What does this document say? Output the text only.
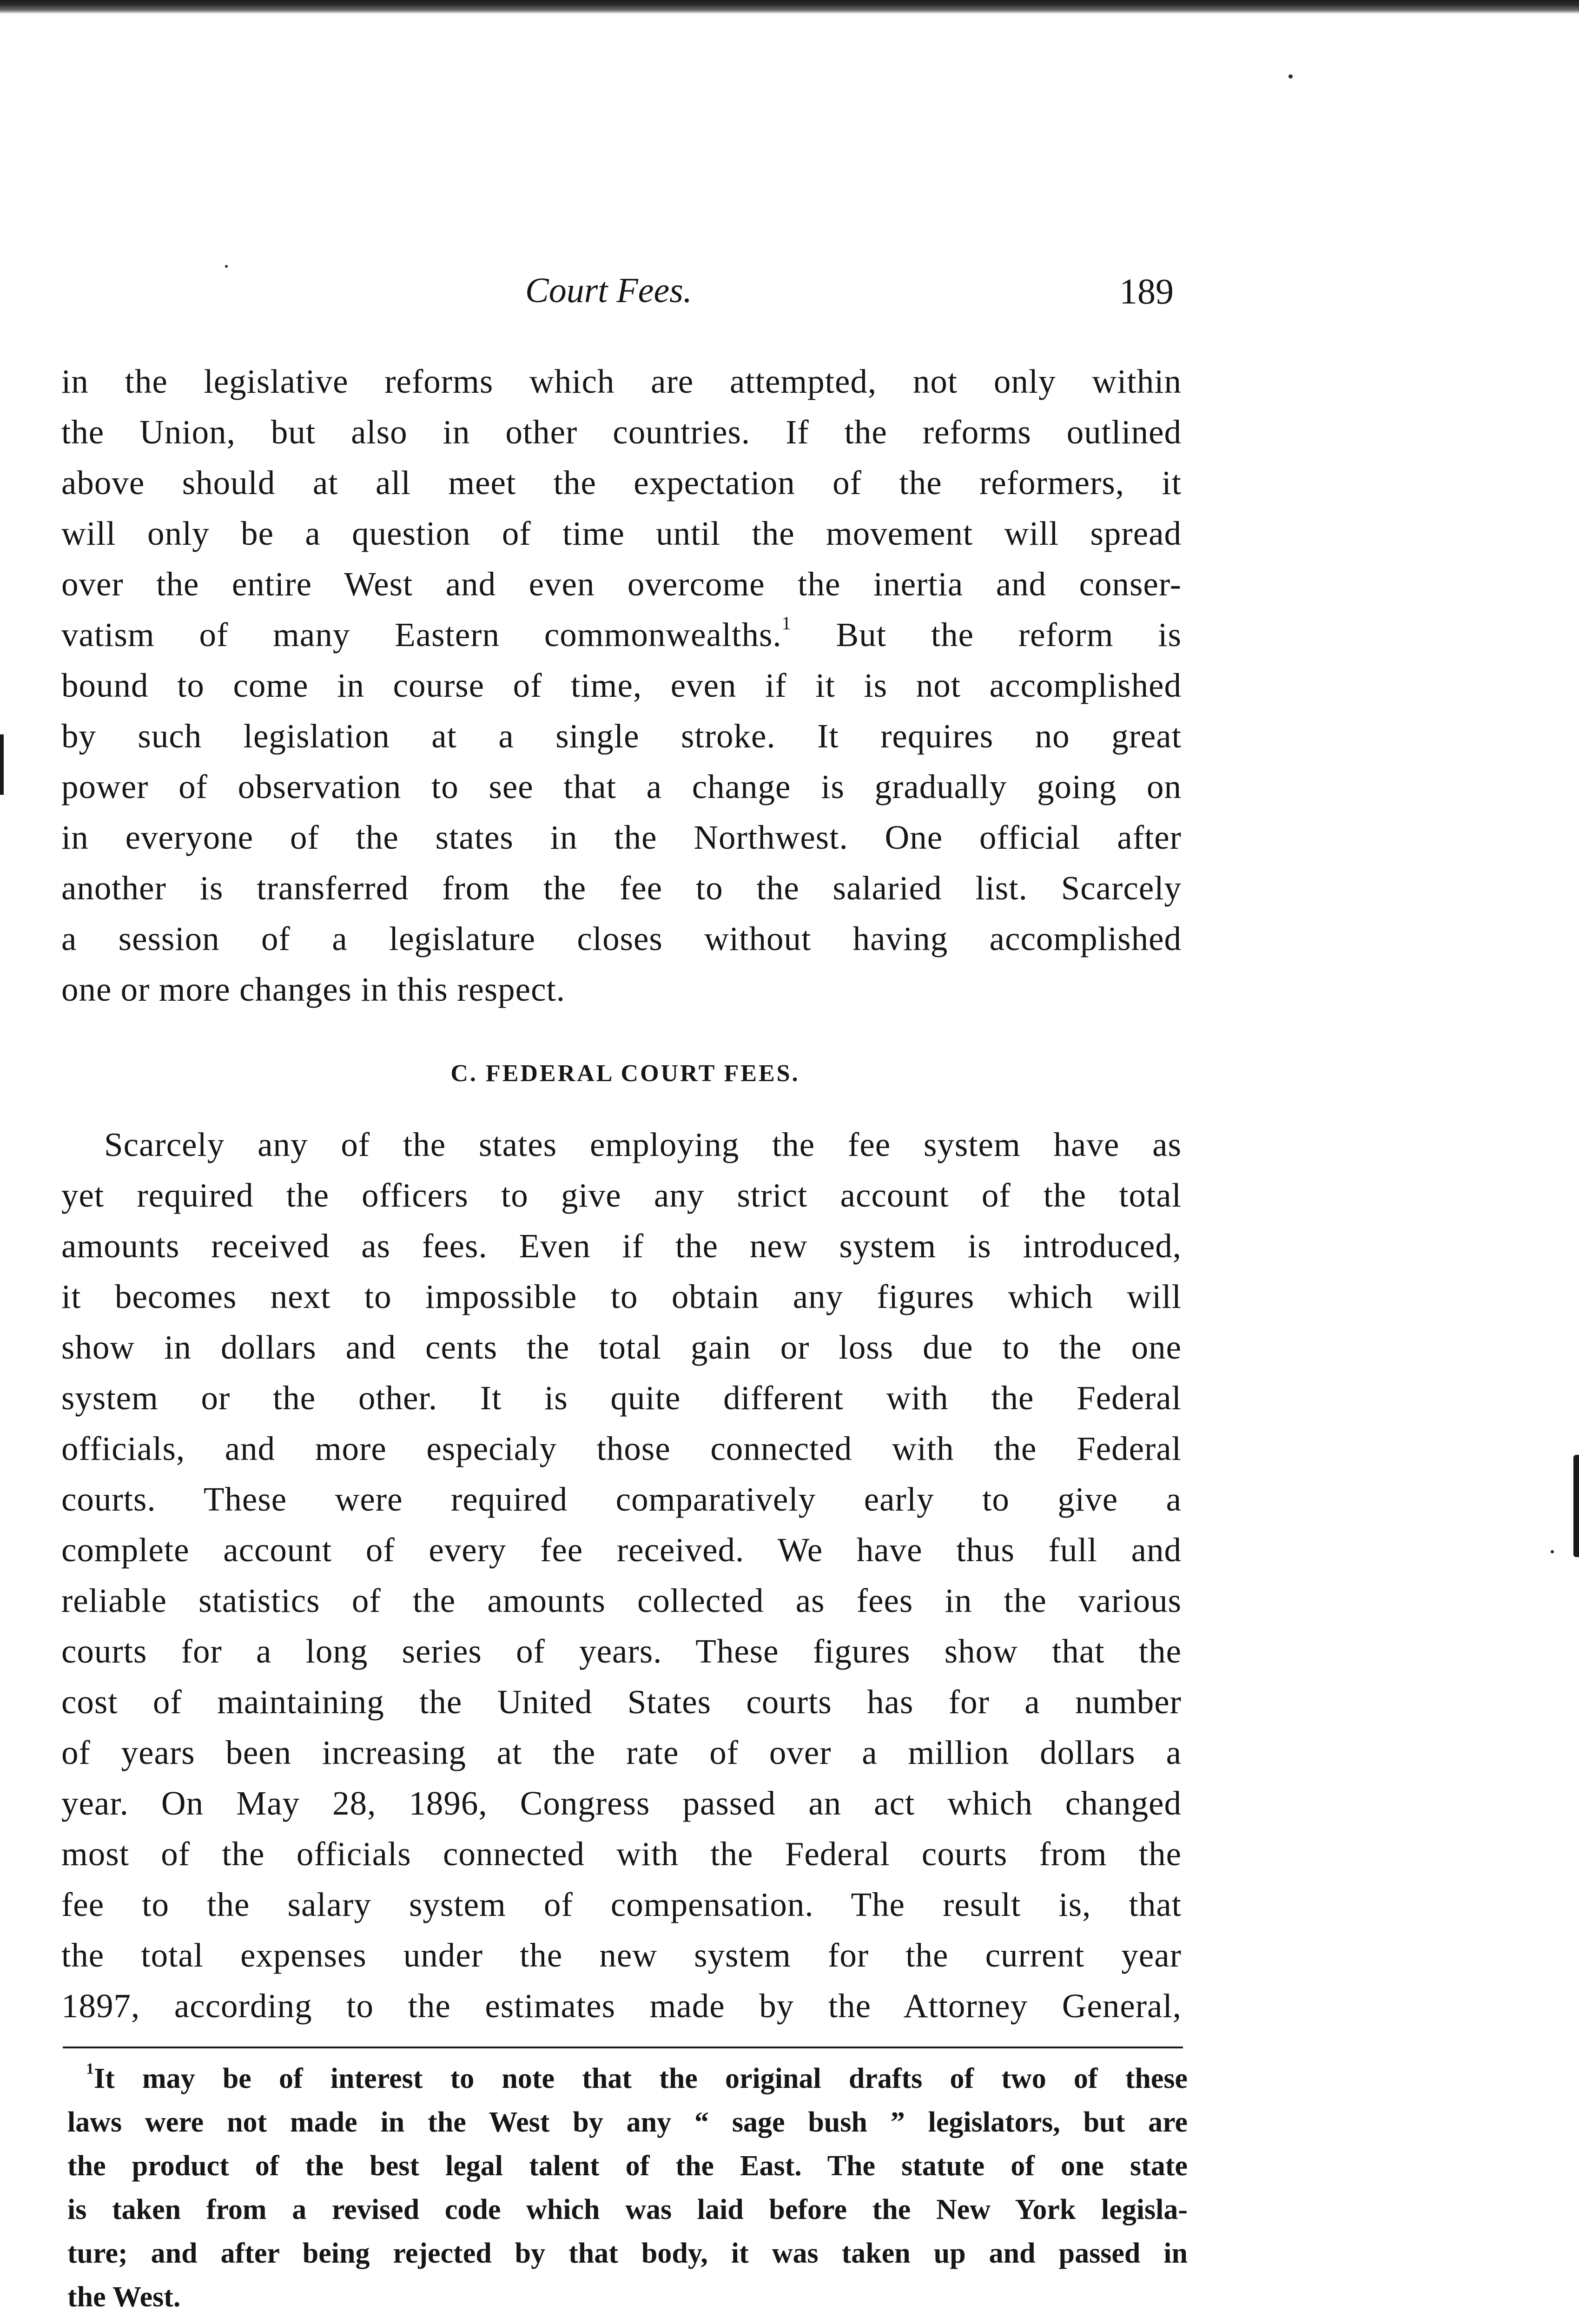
Court Fees.	189
in the legislative reforms which are attempted, not only within
the Union, but also in other countries. If the reforms outlined
above should at all meet the expectation of the reformers, it
will only be a question of time until the movement will spread
over the entire West and even overcome the inertia and conser-
vatism of many Eastern commonwealths.$^1$ But the reform is
bound to come in course of time, even if it is not accomplished
by such legislation at a single stroke. It requires no great
power of observation to see that a change is gradually going on
in everyone of the states in the Northwest. One official after
another is transferred from the fee to the salaried list. Scarcely
a session of a legislature closes without having accomplished
one or more changes in this respect.
C. FEDERAL COURT FEES.
Scarcely any of the states employing the fee system have as
yet required the officers to give any strict account of the total
amounts received as fees. Even if the new system is introduced,
it becomes next to impossible to obtain any figures which will
show in dollars and cents the total gain or loss due to the one
system or the other. It is quite different with the Federal
officials, and more especialy those connected with the Federal
courts. These were required comparatively early to give a
complete account of every fee received. We have thus full and
reliable statistics of the amounts collected as fees in the various
courts for a long series of years. These figures show that the
cost of maintaining the United States courts has for a number
of years been increasing at the rate of over a million dollars a
year. On May 28, 1896, Congress passed an act which changed
most of the officials connected with the Federal courts from the
fee to the salary system of compensation. The result is, that
the total expenses under the new system for the current year
1897, according to the estimates made by the Attorney General,
$^1$It may be of interest to note that the original drafts of two of these
laws were not made in the West by any “ sage bush ” legislators, but are
the product of the best legal talent of the East. The statute of one state
is taken from a revised code which was laid before the New York legisla-
ture; and after being rejected by that body, it was taken up and passed in
the West.
